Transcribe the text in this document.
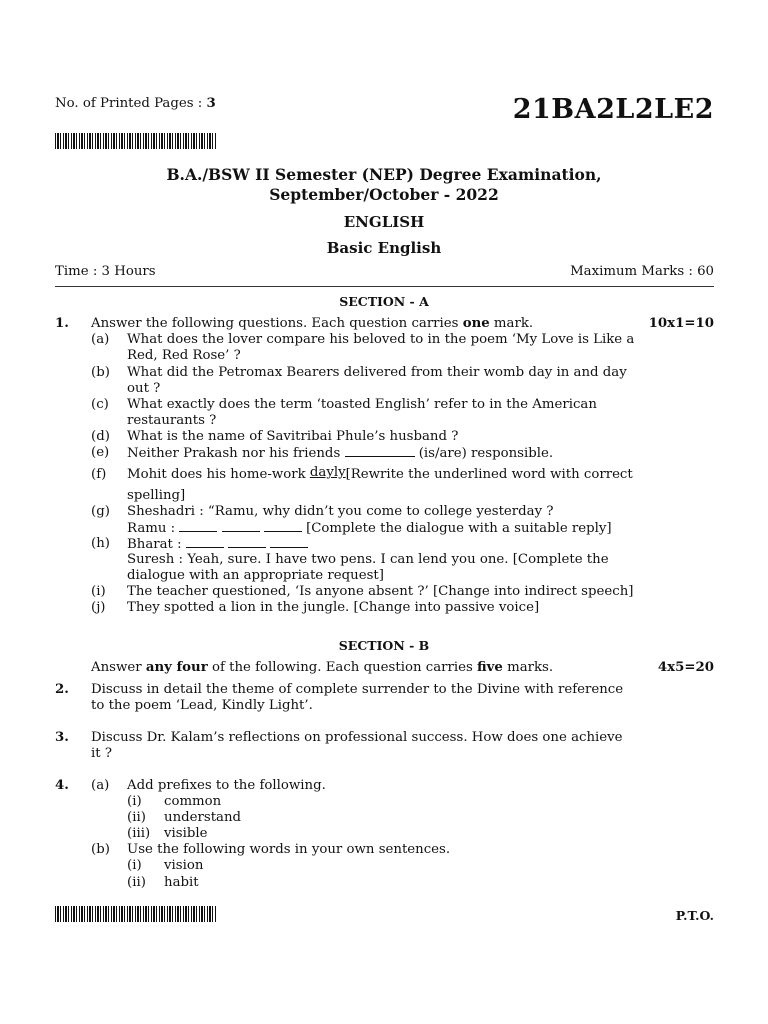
No. of Printed Pages : 3	21BA2L2LE2
B.A./BSW II Semester (NEP) Degree Examination,
September/October - 2022
ENGLISH
Basic English
Time : 3 Hours	Maximum Marks : 60
SECTION - A
1. Answer the following questions. Each question carries one mark.	10x1=10
(a) What does the lover compare his beloved to in the poem ‘My Love is Like a
Red, Red Rose’ ?
(b) What did the Petromax Bearers delivered from their womb day in and day
out ?
(c) What exactly does the term ‘toasted English’ refer to in the American
restaurants ?
(d) What is the name of Savitribai Phule’s husband ?
(e) Neither Prakash nor his friends	(is/are) responsible.
(f) Mohit does his home-work dayly[Rewrite the underlined word with correct
spelling]
(g) Sheshadri : “Ramu, why didn’t you come to college yesterday ?
Ramu :	[Complete the dialogue with a suitable reply]
(h) Bharat :
Suresh : Yeah, sure. I have two pens. I can lend you one. [Complete the
dialogue with an appropriate request]
(i) The teacher questioned, ‘Is anyone absent ?’ [Change into indirect speech]
(j) They spotted a lion in the jungle. [Change into passive voice]
SECTION - B
Answer any four of the following. Each question carries five marks.	4x5=20
2. Discuss in detail the theme of complete surrender to the Divine with reference
to the poem ‘Lead, Kindly Light’.
3. Discuss Dr. Kalam’s reflections on professional success. How does one achieve
it ?
4. (a) Add prefixes to the following.
(i) common
(ii) understand
(iii) visible
(b) Use the following words in your own sentences.
(i) vision
(ii) habit
P.T.O.
